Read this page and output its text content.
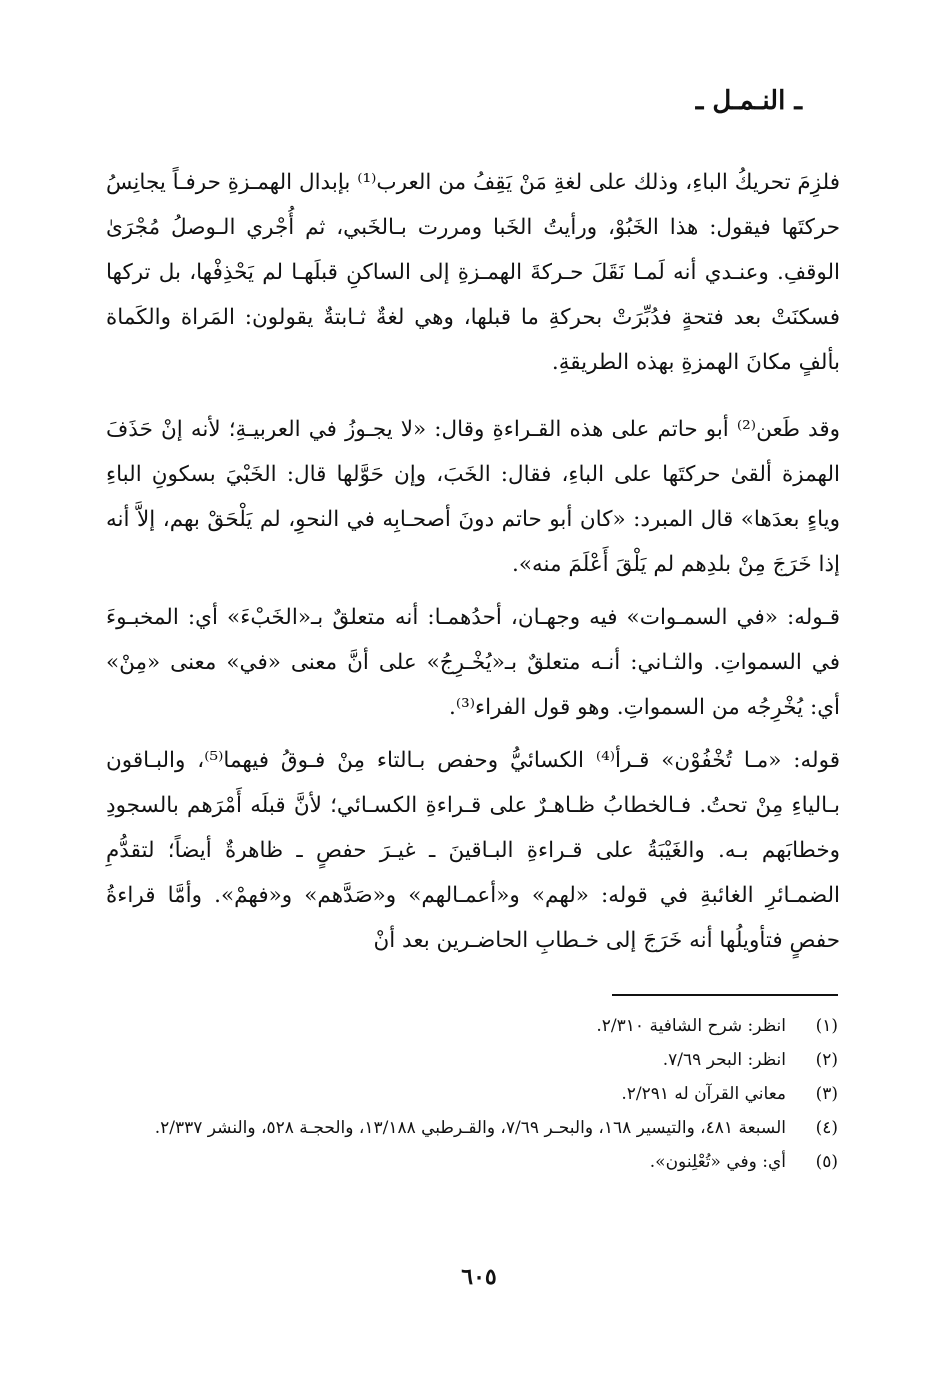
ـ النـمـل ـ

فلزِمَ تحريكُ الباءِ، وذلك على لغةِ مَنْ يَقِفُ من العرب⁽¹⁾ بإبدال الهمـزةِ حرفـاً يجانِسُ حركتَها فيقول: هذا الخَبُوْ، ورأيتُ الخَبا ومررت بـالخَبي، ثم أُجْري الـوصلُ مُجْرَىٰ الوقفِ. وعنـدي أنه لَمـا نَقَلَ حـركةَ الهمـزةِ إلى الساكنِ قبلَهـا لم يَحْذِفْها، بل تركها فسكنَتْ بعد فتحةٍ فدُبِّرَتْ بحركةِ ما قبلها، وهي لغةٌ ثـابتةٌ يقولون: المَراة والكَماة بألفٍ مكانَ الهمزةِ بهذه الطريقةِ.

وقد طَعن⁽²⁾ أبو حاتم على هذه القـراءةِ وقال: «لا يجـوزُ في العربيـةِ؛ لأنه إنْ حَذَفَ الهمزة ألقىٰ حركتَها على الباءِ، فقال: الخَبَ، وإن حَوَّلها قال: الخَبْيَ بسكونِ الباءِ وياءٍ بعدَها» قال المبرد: «كان أبو حاتم دونَ أصحـابِه في النحوِ، لم يَلْحَقْ بهم، إلاَّ أنه إذا خَرَجَ مِنْ بلدِهم لم يَلْقَ أَعْلَمَ منه».

قـوله: «في السمـوات» فيه وجهـان، أحدُهمـا: أنه متعلقٌ بـ«الخَبْءَ» أي: المخبـوءَ في السمواتِ. والثـاني: أنـه متعلقٌ بـ«يُخْـرِجُ» على أنَّ معنى «في» معنى «مِنْ» أي: يُخْرِجُه من السمواتِ. وهو قول الفراء⁽³⁾.

قوله: «مـا تُخْفُوْن» قـرأ⁽⁴⁾ الكسائيُّ وحفص بـالتاء مِنْ فـوقُ فيهما⁽⁵⁾، والبـاقون بـالياءِ مِنْ تحتُ. فـالخطابُ ظـاهـرٌ على قـراءةِ الكسـائي؛ لأنَّ قبلَه أَمْرَهم بالسجودِ وخطابَهم بـه. والغَيْبَةُ على قـراءةِ البـاقينَ ـ غيـرَ حفصٍ ـ ظاهرةٌ أيضاً؛ لتقدُّمِ الضمـائرِ الغائبةِ في قوله: «لهم» و«أعمـالهم» و«صَدَّهم» و«فهمْ». وأمَّا قراءةُ حفصٍ فتأويلُها أنه خَرَجَ إلى خـطابِ الحاضـرين بعد أنْ

(١)
انظر: شرح الشافية ٢/٣١٠.
(٢)
انظر: البحر ٧/٦٩.
(٣)
معاني القرآن له ٢/٢٩١.
(٤)
السبعة ٤٨١، والتيسير ١٦٨، والبحـر ٧/٦٩، والقـرطبي ١٣/١٨٨، والحجـة ٥٢٨، والنشر ٢/٣٣٧.
(٥)
أي: وفي «تُعْلِنون».
٦٠٥
